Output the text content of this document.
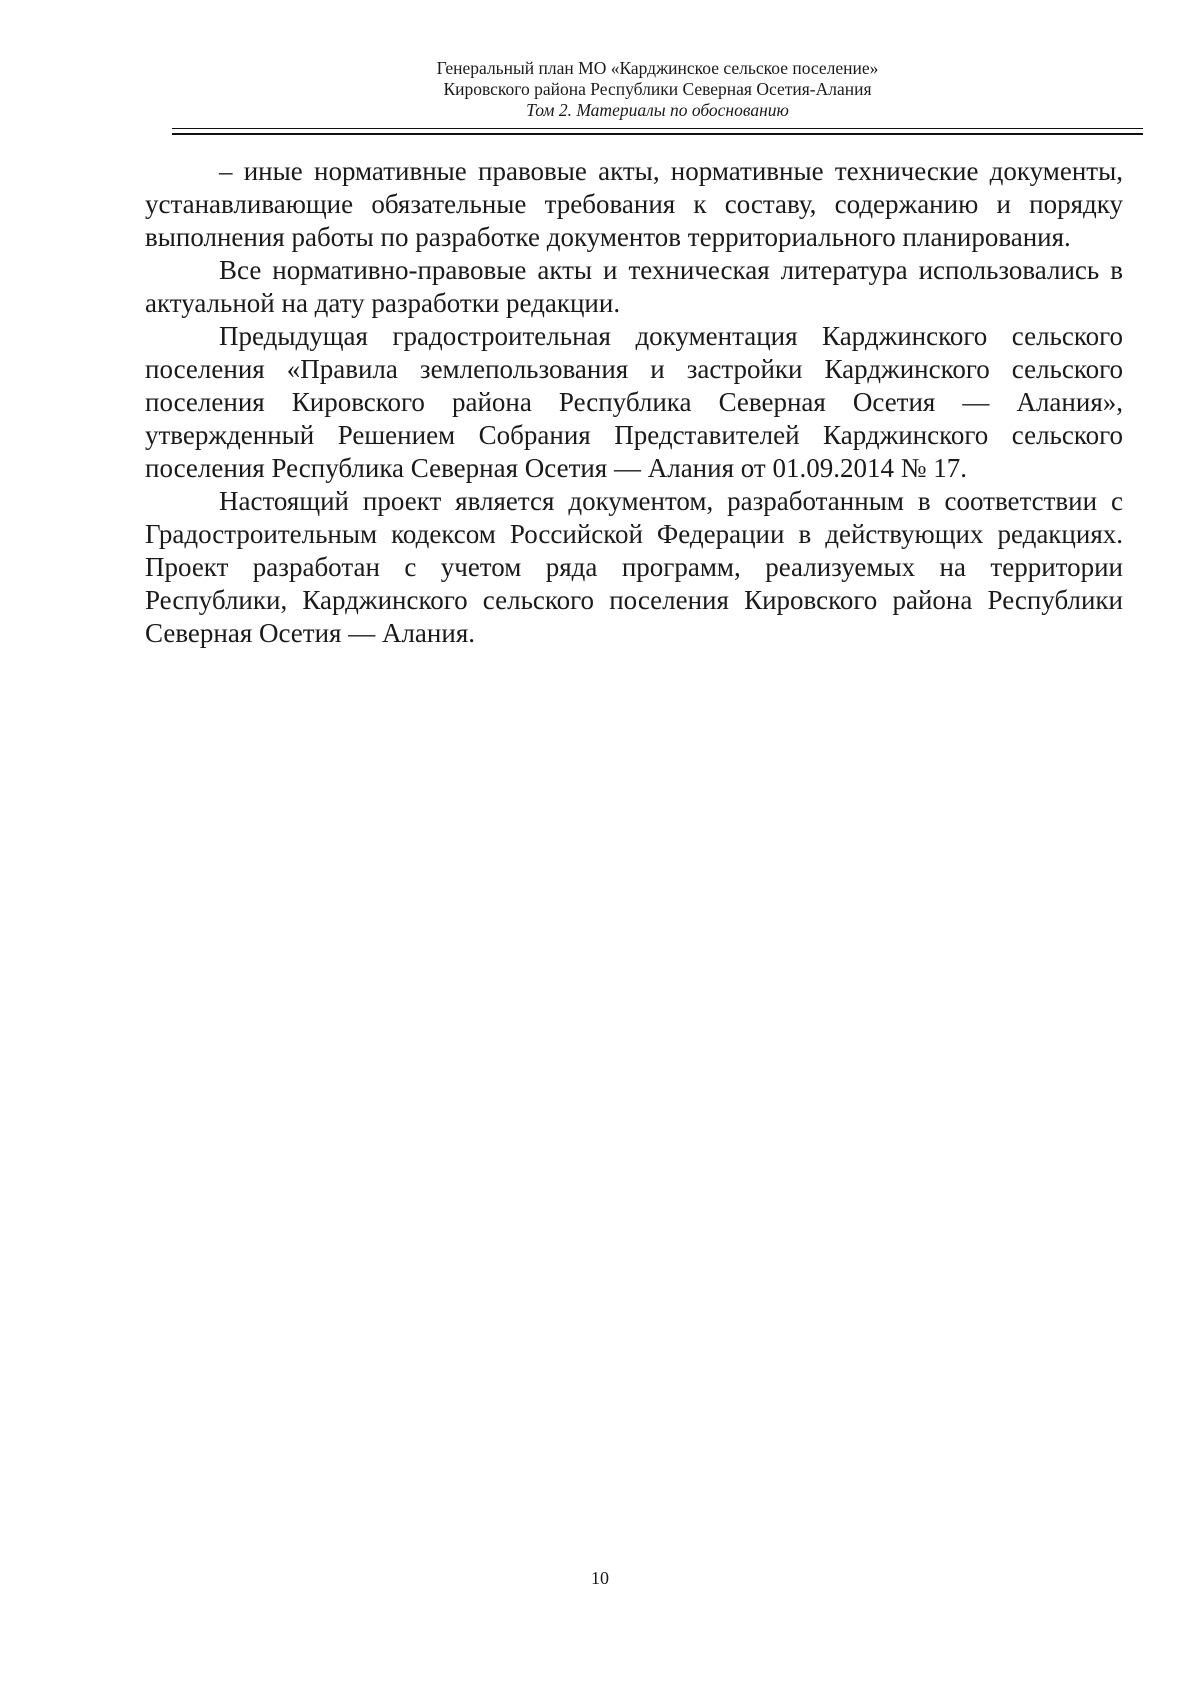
Генеральный план МО «Карджинское сельское поселение»
Кировского района Республики Северная Осетия-Алания
Том 2. Материалы по обоснованию

– иные нормативные правовые акты, нормативные технические документы, устанавливающие обязательные требования к составу, содержанию и порядку выполнения работы по разработке документов территориального планирования.

Все нормативно-правовые акты и техническая литература использовались в актуальной на дату разработки редакции.

Предыдущая градостроительная документация Карджинского сельского поселения «Правила землепользования и застройки Карджинского сельского поселения Кировского района Республика Северная Осетия — Алания», утвержденный Решением Собрания Представителей Карджинского сельского поселения Республика Северная Осетия — Алания от 01.09.2014 № 17.

Настоящий проект является документом, разработанным в соответствии с Градостроительным кодексом Российской Федерации в действующих редакциях. Проект разработан с учетом ряда программ, реализуемых на территории Республики, Карджинского сельского поселения Кировского района Республики Северная Осетия — Алания.

10
